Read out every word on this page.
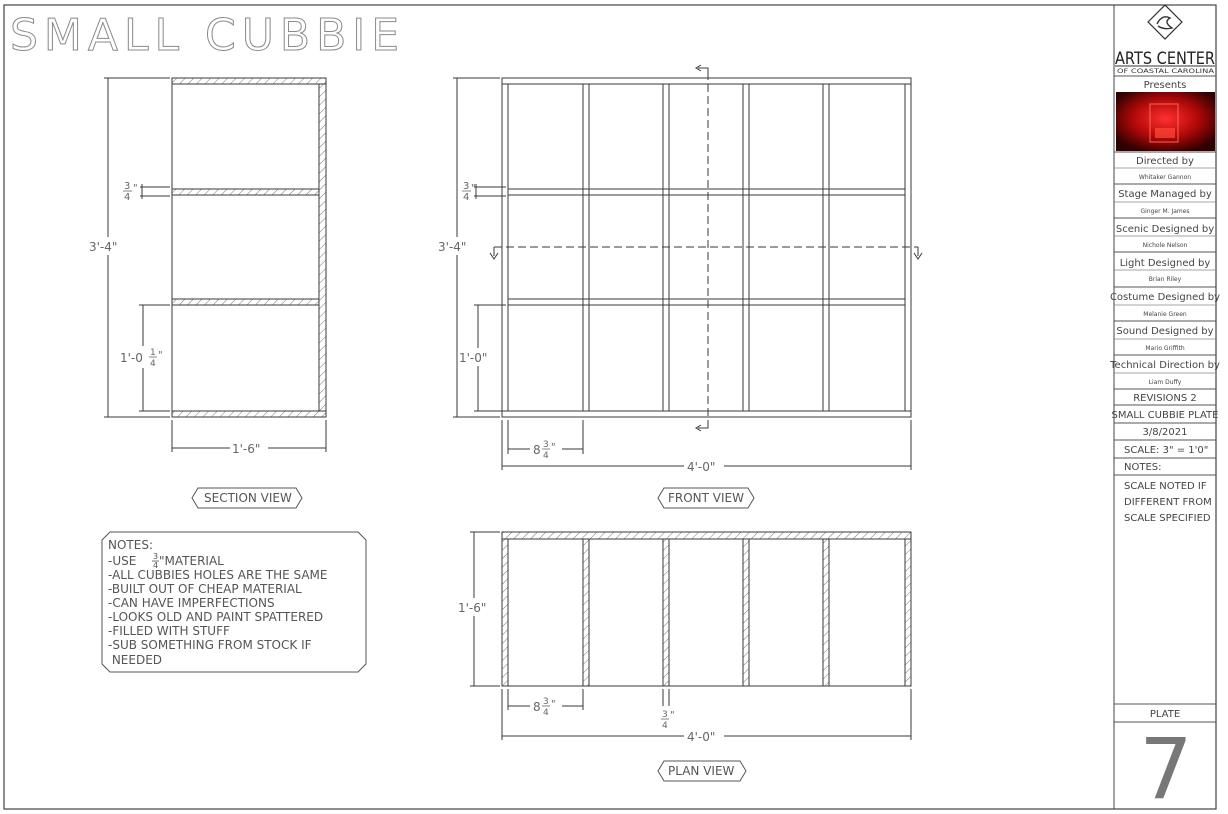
SMALL CUBBIE
3'-4"
3
4
"
1'-0 1
4
"
1'-6"
SECTION VIEW
3'-4"
3
4
"
1'-0"
8 3
4
"
4'-0"
FRONT VIEW
NOTES:
-USE 3
4 "MATERIAL
-ALL CUBBIES HOLES ARE THE SAME
-BUILT OUT OF CHEAP MATERIAL
-CAN HAVE IMPERFECTIONS
-LOOKS OLD AND PAINT SPATTERED
-FILLED WITH STUFF
-SUB SOMETHING FROM STOCK IF
NEEDED
1'-6"
8 3
4
"
3
4
"
4'-0"
PLAN VIEW
ARTS CENTER
OF COASTAL CAROLINA
Presents
Directed by
Whitaker Gannon
Stage Managed by
Ginger M. James
Scenic Designed by
Nichole Nelson
Light Designed by
Brian Riley
Costume Designed by
Melanie Green
Sound Designed by
Mario Griffith
Technical Direction by
Liam Duffy
REVISIONS 2
SMALL CUBBIE PLATE
3/8/2021
SCALE: 3" = 1'0"
NOTES:
SCALE NOTED IF
DIFFERENT FROM
SCALE SPECIFIED
PLATE
7
